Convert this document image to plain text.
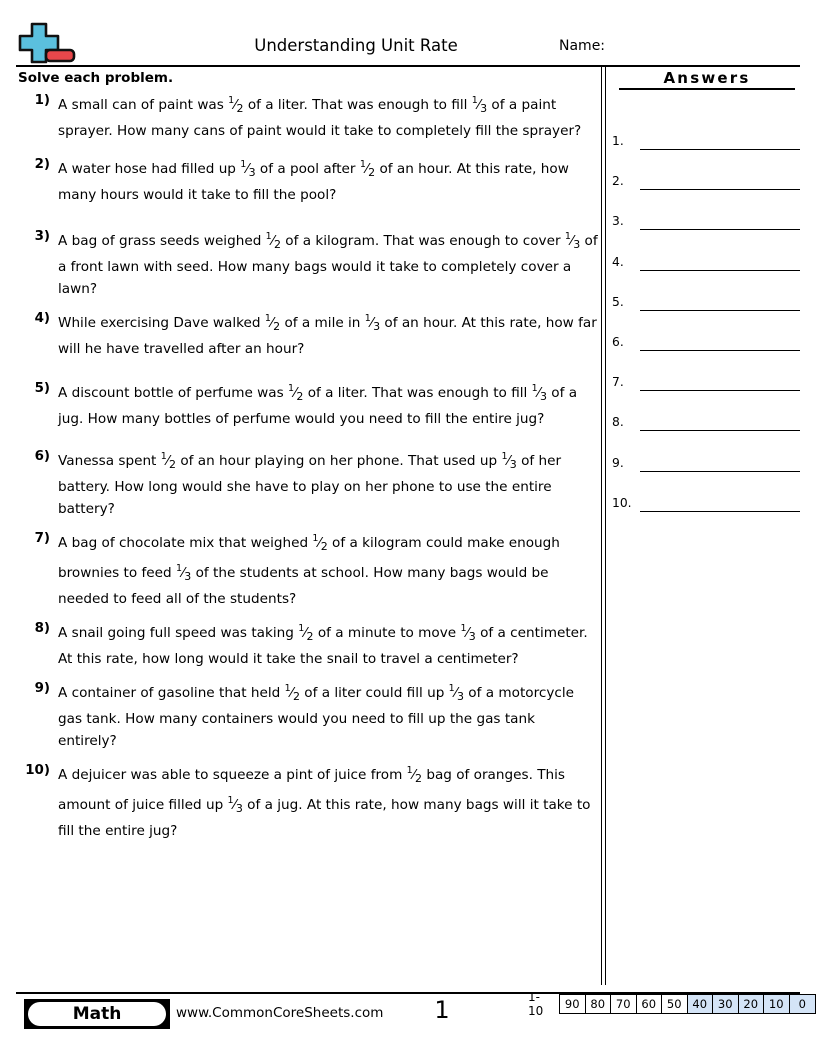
Understanding Unit Rate	Name:
Solve each problem.
1) A small can of paint was $^1⁄_2$ of a liter. That was enough to fill $^1⁄_3$ of a paint sprayer. How many cans of paint would it take to completely fill the sprayer?
2) A water hose had filled up $^1⁄_3$ of a pool after $^1⁄_2$ of an hour. At this rate, how many hours would it take to fill the pool?
3) A bag of grass seeds weighed $^1⁄_2$ of a kilogram. That was enough to cover $^1⁄_3$ of a front lawn with seed. How many bags would it take to completely cover a lawn?
4) While exercising Dave walked $^1⁄_2$ of a mile in $^1⁄_3$ of an hour. At this rate, how far will he have travelled after an hour?
5) A discount bottle of perfume was $^1⁄_2$ of a liter. That was enough to fill $^1⁄_3$ of a jug. How many bottles of perfume would you need to fill the entire jug?
6) Vanessa spent $^1⁄_2$ of an hour playing on her phone. That used up $^1⁄_3$ of her battery. How long would she have to play on her phone to use the entire battery?
7) A bag of chocolate mix that weighed $^1⁄_2$ of a kilogram could make enough brownies to feed $^1⁄_3$ of the students at school. How many bags would be needed to feed all of the students?
8) A snail going full speed was taking $^1⁄_2$ of a minute to move $^1⁄_3$ of a centimeter. At this rate, how long would it take the snail to travel a centimeter?
9) A container of gasoline that held $^1⁄_2$ of a liter could fill up $^1⁄_3$ of a motorcycle gas tank. How many containers would you need to fill up the gas tank entirely?
10) A dejuicer was able to squeeze a pint of juice from $^1⁄_2$ bag of oranges. This amount of juice filled up $^1⁄_3$ of a jug. At this rate, how many bags will it take to fill the entire jug?
Answers
1.
2.
3.
4.
5.
6.
7.
8.
9.
10.
Math	www.CommonCoreSheets.com	1	1-10	90 80 70 60 50 40 30 20 10	0
